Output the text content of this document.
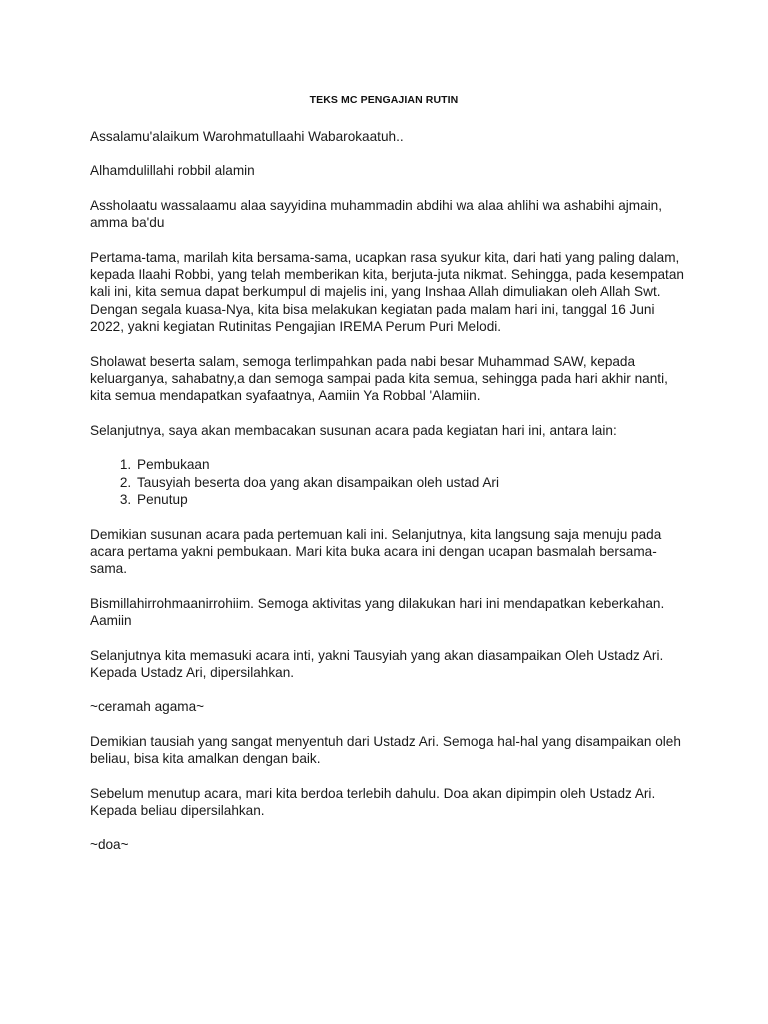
TEKS MC PENGAJIAN RUTIN

Assalamu'alaikum Warohmatullaahi Wabarokaatuh..

Alhamdulillahi robbil alamin

Assholaatu wassalaamu alaa sayyidina muhammadin abdihi wa alaa ahlihi wa ashabihi ajmain, amma ba'du

Pertama-tama, marilah kita bersama-sama, ucapkan rasa syukur kita, dari hati yang paling dalam, kepada Ilaahi Robbi, yang telah memberikan kita, berjuta-juta nikmat. Sehingga, pada kesempatan kali ini, kita semua dapat berkumpul di majelis ini, yang Inshaa Allah dimuliakan oleh Allah Swt. Dengan segala kuasa-Nya, kita bisa melakukan kegiatan pada malam hari ini, tanggal 16 Juni 2022, yakni kegiatan Rutinitas Pengajian IREMA Perum Puri Melodi.

Sholawat beserta salam, semoga terlimpahkan pada nabi besar Muhammad SAW, kepada keluarganya, sahabatny,a dan semoga sampai pada kita semua, sehingga pada hari akhir nanti, kita semua mendapatkan syafaatnya, Aamiin Ya Robbal 'Alamiin.

Selanjutnya, saya akan membacakan susunan acara pada kegiatan hari ini, antara lain:

1. Pembukaan
2. Tausyiah beserta doa yang akan disampaikan oleh ustad Ari
3. Penutup

Demikian susunan acara pada pertemuan kali ini. Selanjutnya, kita langsung saja menuju pada acara pertama yakni pembukaan. Mari kita buka acara ini dengan ucapan basmalah bersama-sama.

Bismillahirrohmaanirrohiim. Semoga aktivitas yang dilakukan hari ini mendapatkan keberkahan. Aamiin

Selanjutnya kita memasuki acara inti, yakni Tausyiah yang akan diasampaikan Oleh Ustadz Ari. Kepada Ustadz Ari, dipersilahkan.

~ceramah agama~

Demikian tausiah yang sangat menyentuh dari Ustadz Ari. Semoga hal-hal yang disampaikan oleh beliau, bisa kita amalkan dengan baik.

Sebelum menutup acara, mari kita berdoa terlebih dahulu. Doa akan dipimpin oleh Ustadz Ari. Kepada beliau dipersilahkan.

~doa~
